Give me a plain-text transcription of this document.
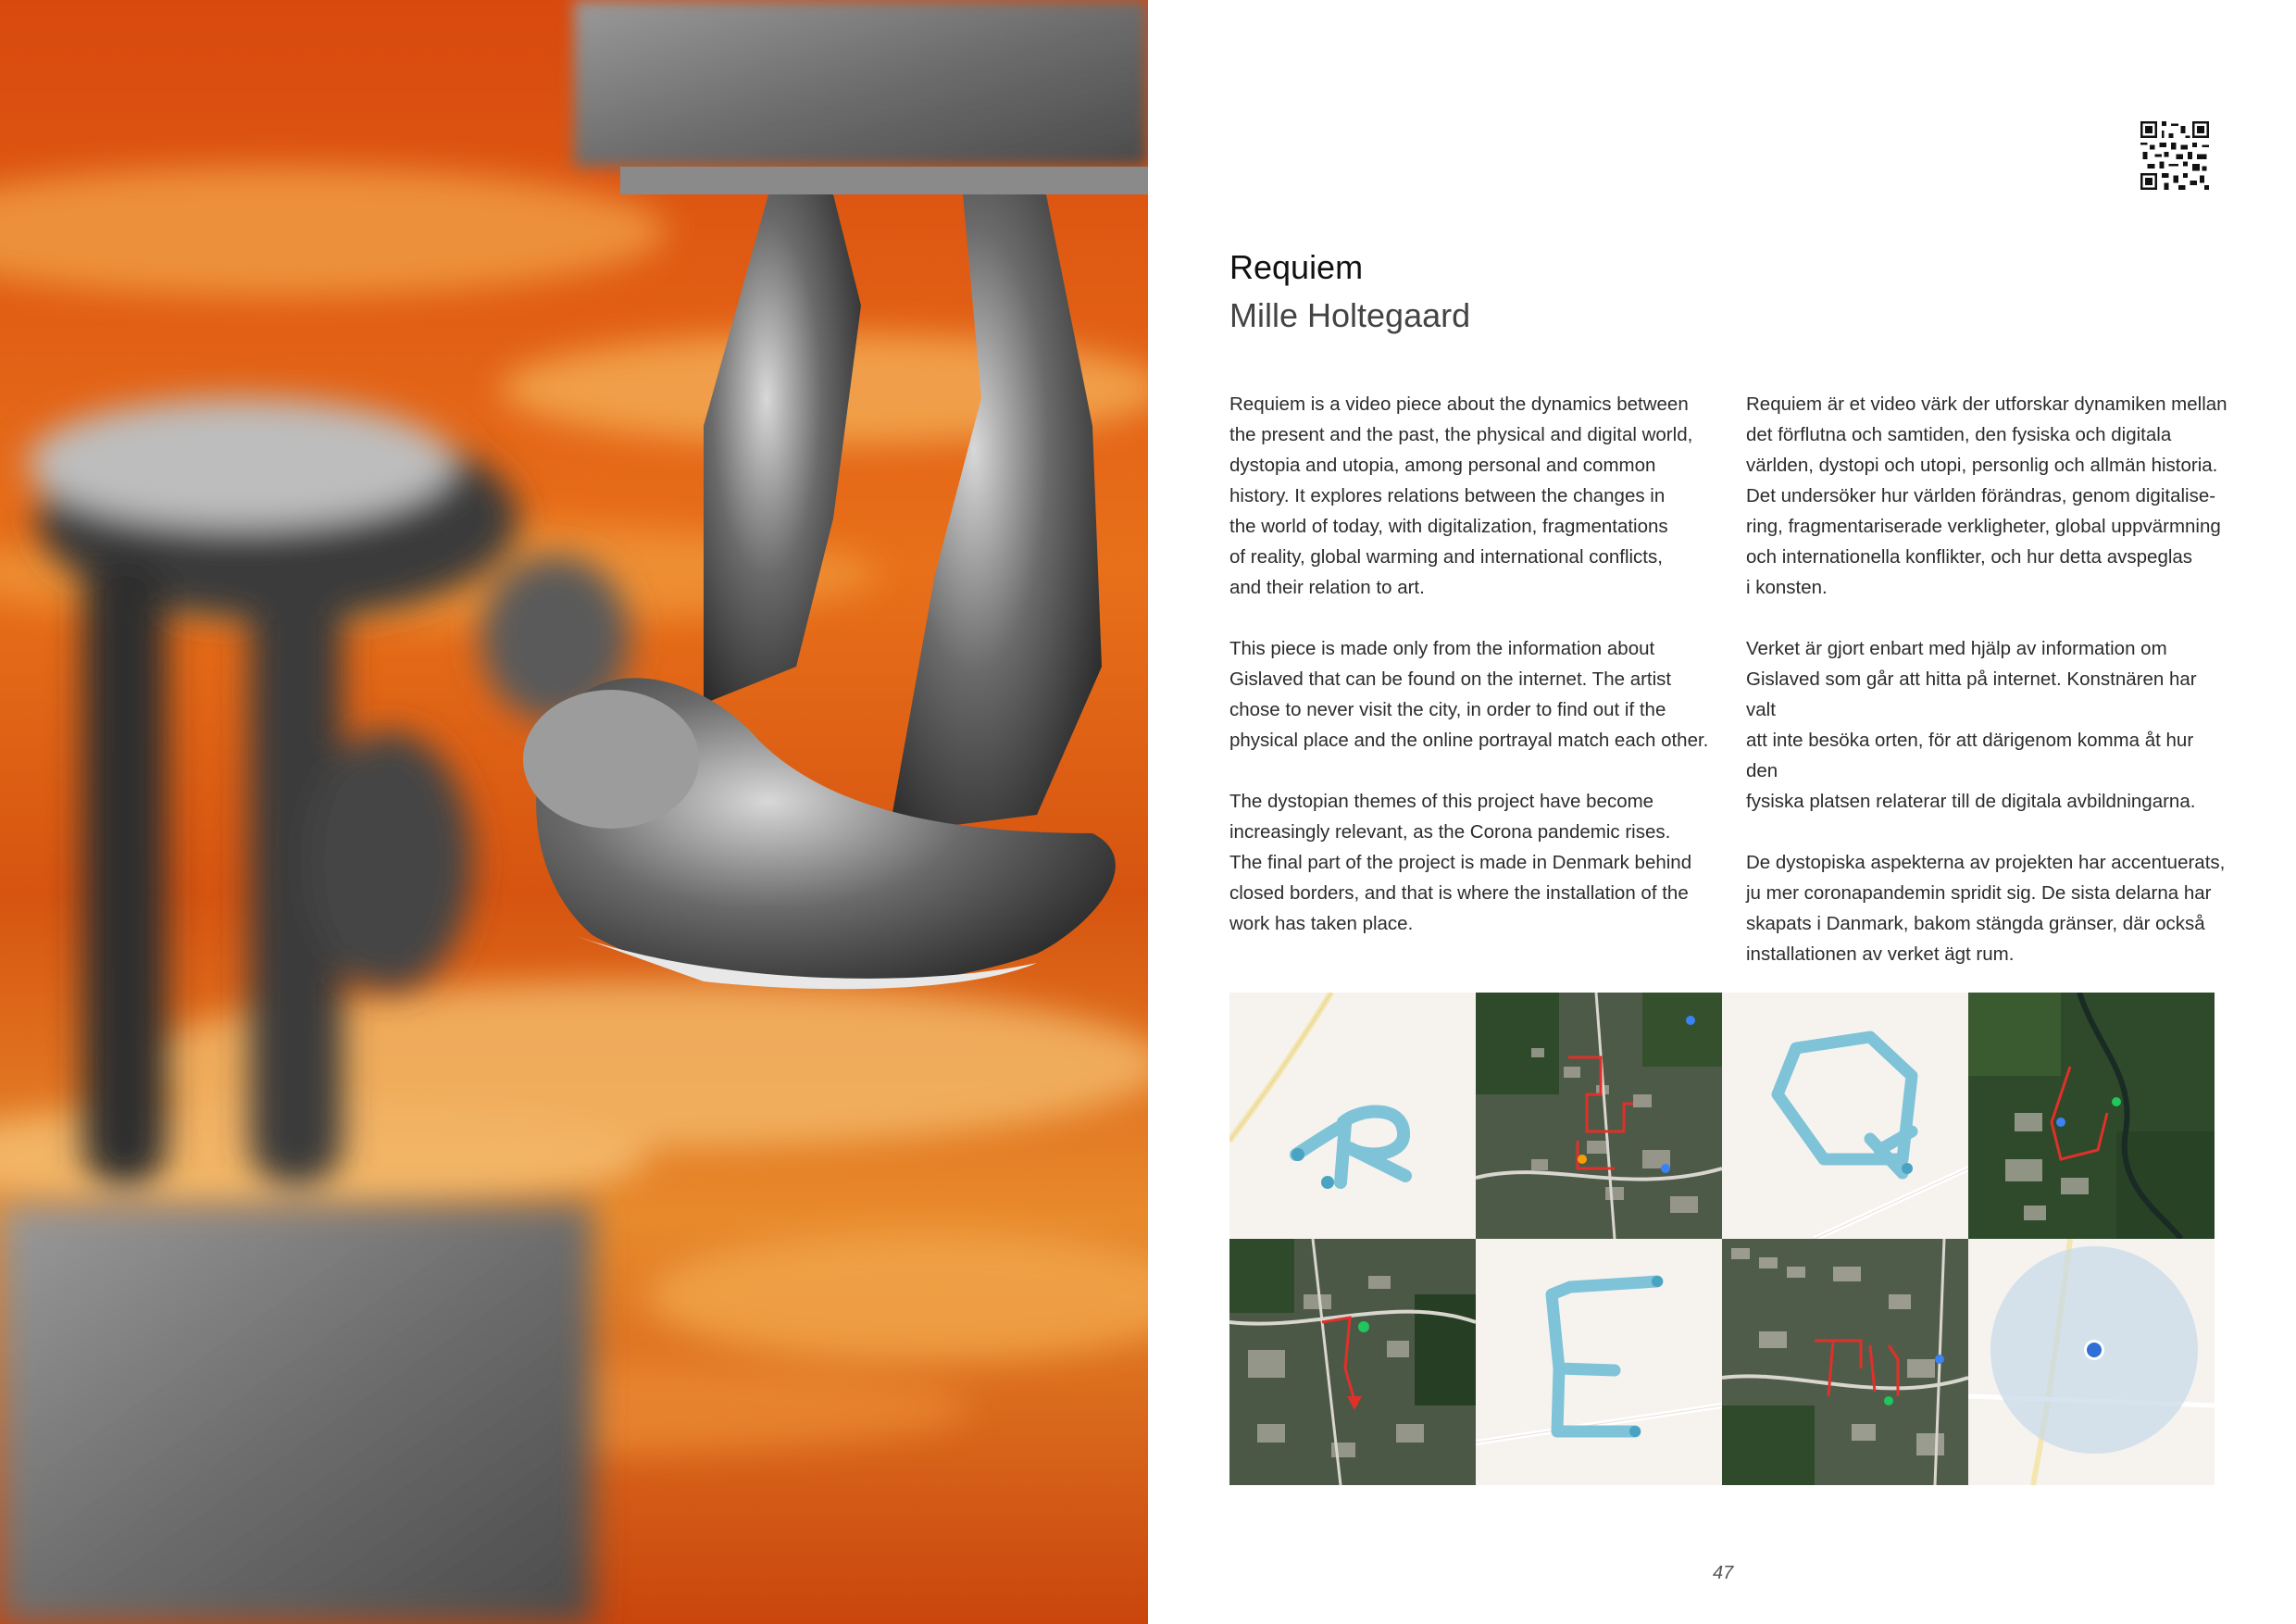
Requiem
Mille Holtegaard

Requiem is a video piece about the dynamics between
the present and the past, the physical and digital world,
dystopia and utopia, among personal and common
history. It explores relations between the changes in
the world of today, with digitalization, fragmentations
of reality, global warming and international conflicts,
and their relation to art.

This piece is made only from the information about
Gislaved that can be found on the internet. The artist
chose to never visit the city, in order to find out if the
physical place and the online portrayal match each other.

The dystopian themes of this project have become
increasingly relevant, as the Corona pandemic rises.
The final part of the project is made in Denmark behind
closed borders, and that is where the installation of the
work has taken place.

Requiem är et video värk der utforskar dynamiken mellan
det förflutna och samtiden, den fysiska och digitala
världen, dystopi och utopi, personlig och allmän historia.
Det undersöker hur världen förändras, genom digitalise-
ring, fragmentariserade verkligheter, global uppvärmning
och internationella konflikter, och hur detta avspeglas
i konsten.

Verket är gjort enbart med hjälp av information om
Gislaved som går att hitta på internet. Konstnären har valt
att inte besöka orten, för att därigenom komma åt hur den
fysiska platsen relaterar till de digitala avbildningarna.

De dystopiska aspekterna av projekten har accentuerats,
ju mer coronapandemin spridit sig. De sista delarna har
skapats i Danmark, bakom stängda gränser, där också
installationen av verket ägt rum.

47
